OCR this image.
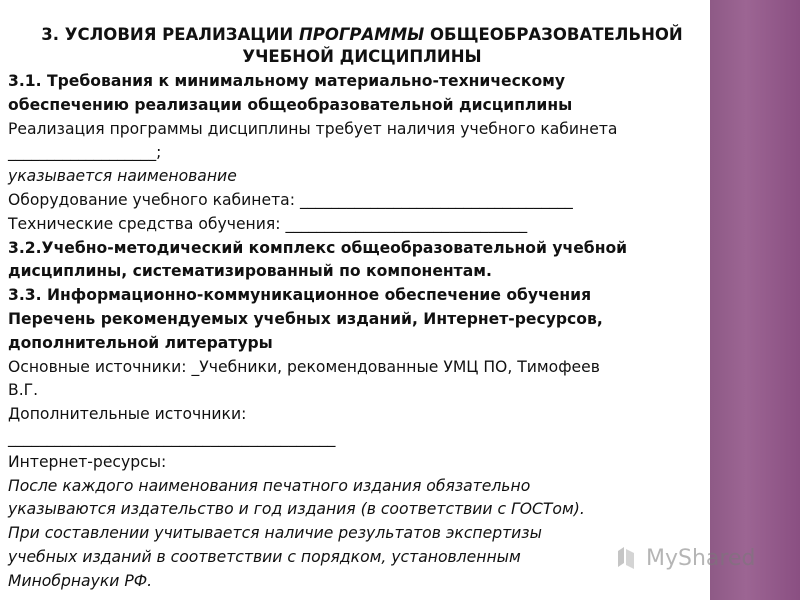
3. УСЛОВИЯ РЕАЛИЗАЦИИ ПРОГРАММЫ ОБЩЕОБРАЗОВАТЕЛЬНОЙ
УЧЕБНОЙ ДИСЦИПЛИНЫ
3.1. Требования к минимальному материально-техническому
обеспечению реализации общеобразовательной дисциплины
Реализация программы дисциплины требует наличия учебного кабинета
___________________;
указывается наименование
Оборудование учебного кабинета: ___________________________________
Технические средства обучения: _______________________________
3.2.Учебно-методический комплекс общеобразовательной учебной
дисциплины, систематизированный по компонентам.
3.3. Информационно-коммуникационное обеспечение обучения
Перечень рекомендуемых учебных изданий, Интернет-ресурсов,
дополнительной литературы
Основные источники: _Учебники, рекомендованные УМЦ ПО, Тимофеев
В.Г.
Дополнительные источники:
__________________________________________
Интернет-ресурсы:
После каждого наименования печатного издания обязательно
указываются издательство и год издания (в соответствии с ГОСТом).
При составлении учитывается наличие результатов экспертизы
учебных изданий в соответствии с порядком, установленным
Минобрнауки РФ.
MyShared
